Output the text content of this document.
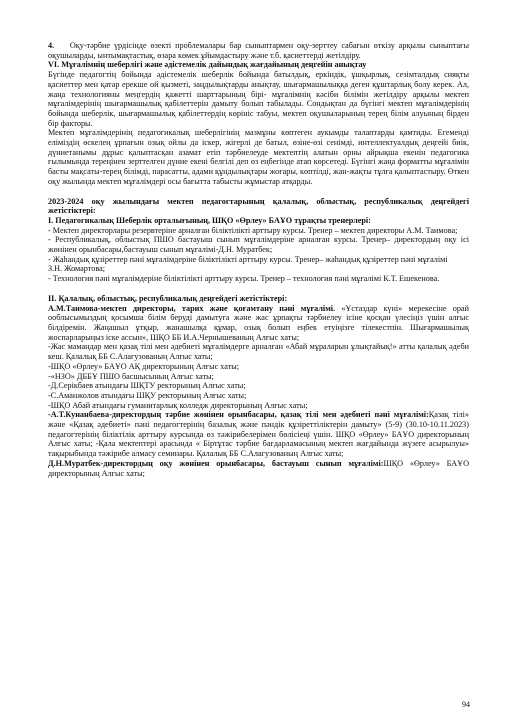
4. Оқу-тәрбие үрдісінде өзекті проблемалары бар сыныптармен оқу-зерттеу сабағын өткізу арқылы сыныптағы оқушыларды, ынтымақтастық, өзара көмек ұйымдастыру және т.б. қасиеттерді жетілдіру.

VI. Мұғалімнің шеберлігі және әдістемелік дайындық жағдайының деңгейін анықтау

Бүгінде педагогтің бойында әдістемелік шеберлік бойында батылдық, еркіндік, ұшқырлық, сезімталдық сияқты қасиеттер мен қатар ерекше ой қызметі, заңдылықтарды анықтау, шығармашылыққа деген құштарлық болу керек. Ал, жаңа технологияны меңгердің қажетті шарттарының бірі- мұғалімнің кәсіби білімін жетілдіру арқылы мектеп мұғалімдерінің шығармашылық қабілеттерін дамыту болып табылады. Сондықтан да бүгінгі мектеп мұғалімдерінің бойында шеберлік, шығармашылық қабілеттердің көрініс табуы, мектеп оқушыларының терең білім алуының бірден бір факторы.

Мектеп мұғалімдерінің педагогикалық шеберлігінің мазмұны көптеген аукымды талаптарды қамтиды. Егемендi елiмiздiң өскелең ұрпағын озық ойлы да iскер, жiгерлi де батыл, өзiне-өзi сенiмдi, интеллектуалдық деңгейi биiк, дүниетанымы дұрыс қалыптасқан азамат етiп тәрбиелеуде мектептiң алатын орны айрықша екенiн педагогика ғылымында тереңiнен зерттелген дүние екенi белгiлi деп өз еңбегiнде атап көрсетедi. Бүгiнгi жаңа форматты мұғалiмiн басты мақсаты-терең бiлiмдi, парасатты, адами құндылықтары жоғары, көптiлдi, жан-жақты тұлға қалыптастыру. Өткен оқу жылында мектеп мұғалiмдерi осы бағытта табысты жұмыстар атқарды.

2023-2024 оқу жылындағы мектеп педагогтарының қалалық, облыстық, республикалық деңгейдегі жетістіктері:

І. Педагогикалық Шеберлік орталығының, ШҚО «Өрлеу» БАҰО тұрақты тренерлері:

- Мектеп директорлары резервтеріне арналған біліктілікті арттыру курсы. Тренер – мектеп директоры А.М. Таимова;

- Республикалық, облыстық ПШО бастауыш сынып мұғалімдеріне арналған курсы. Тренер– директордың оқу ісі жөнінен орынбасары,бастауыш сынып мұғалімі-Д.Н. Муратбек;

- Жаһандық құзіреттер пәні мұғалімдеріне біліктілікті арттыру курсы. Тренер– жаһандық құзіреттер пәні мұғалімі

З.Н. Жомартова;

- Технология пәні мұғалімдеріне біліктілікті арттыру курсы. Тренер – технология пәні мұғалімі К.Т. Ешекенова.

ІІ. Қалалық, облыстық, республикалық деңгейдегі жетістіктері:

А.М.Таимова-мектеп директоры, тарих және қоғамтану пәні мұғалімі. «Ұстаздар күні» мерекесіне орай ооблысымыздың қосымша білім беруді дамытуға және жас ұрпақты тәрбиелеу ісіне қосқан үлесіңіз үшін алғыс білдіремін. Жаңашыл ұтқыр, жанашылқа құмар, озық болып еңбек етуіңізге тілекестпін. Шығармашылық жоспарларыңыз іске ассын», ШҚО ББ И.А.Чернышеваның Алғыс хаты;

-Жас мамандар мен қазақ тілі мен әдебиеті мұғалімдерге арналған «Абай мұраларын ұлықтайық!» атты қалалық әдеби кеш. Қалалық ББ С.Алагузованың Алғыс хаты;

-ШҚО «Өрлеу» БАҰО АҚ директорының Алғыс хаты;

-«НЗО» ДББҰ ПШО басшысының Алғыс хаты;

-Д.Серікбаев атындағы ШҚТУ ректорының Алғыс хаты;

-С.Аманжолов атындағы ШҚУ ректорының Алғыс хаты;

-ШҚО Абай атындағы гуманитарлық колледж директорының Алғыс хаты;

-А.Т.Кунанбаева-директордың тәрбие жөнінен орынбасары, қазақ тілі мен әдебиеті пәні мұғалімі:Қазақ тілі» және «Қазақ әдебиеті» пәні педагогтерінің базалық және пәндік құзіреттіліктерін дамыту» (5-9) (30.10-10.11.2023) педагогтерінің біліктілік арттыру курсында өз тәжірибелерімен бөлісіеңі үшін. ШҚО «Өрлеу» БАҰО директорының Алғыс хаты; -Қала мектептері арасында « Біртұтас тәрбие бағдарламасының мектеп жағдайында жүзеге асырылуы» тақырыбында тәжірибе алмасу семинары. Қалалық ББ С.Алагузованың Алғыс хаты;

Д.Н.Муратбек-директордың оқу жөнінен орынбасары, бастауыш сынып мұғалімі:ШҚО «Өрлеу» БАҰО директорының Алғыс хаты;

94
